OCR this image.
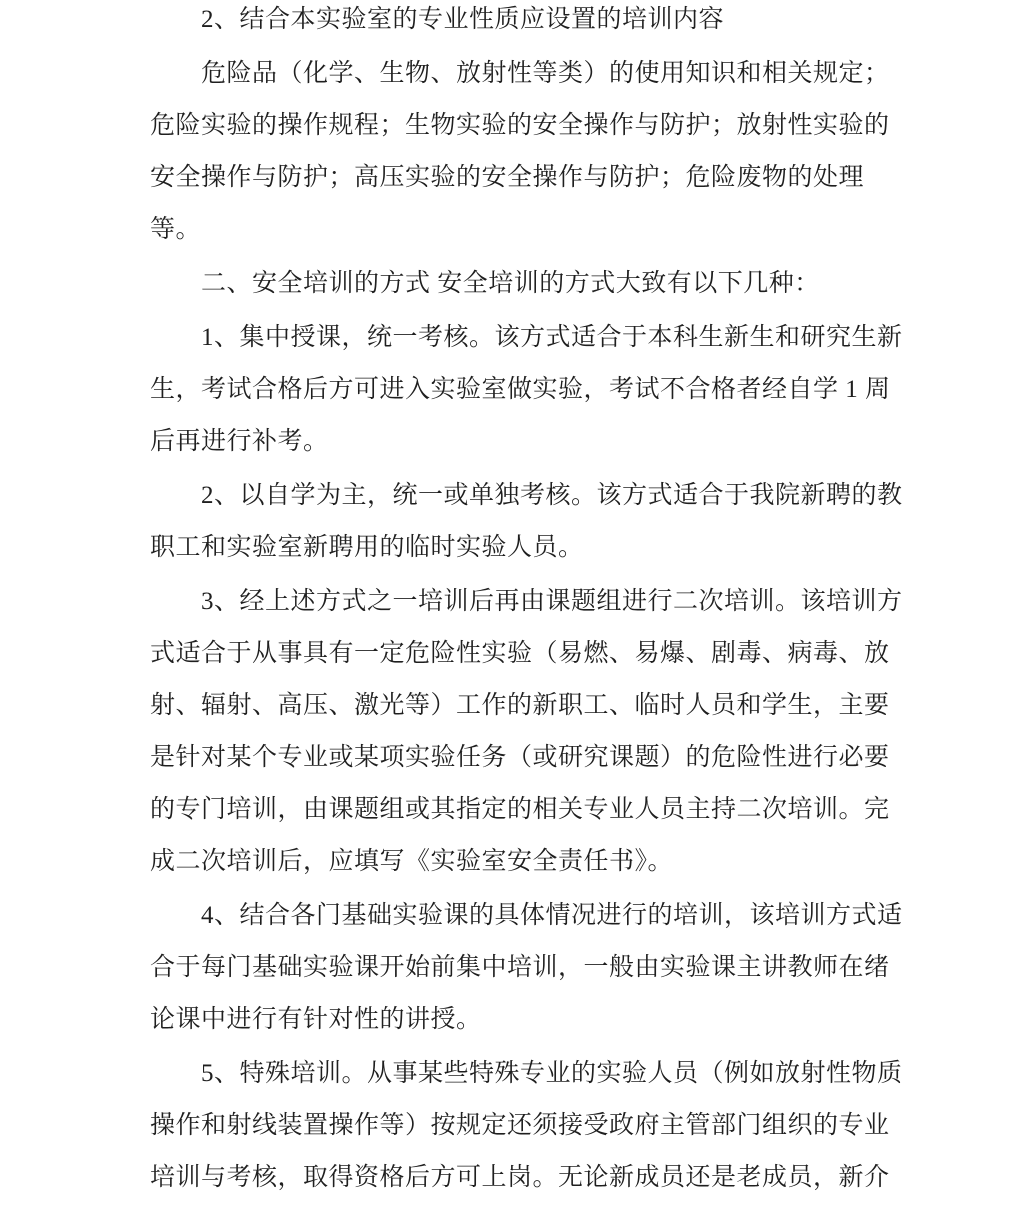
2、结合本实验室的专业性质应设置的培训内容
危险品（化学、生物、放射性等类）的使用知识和相关规定；
危险实验的操作规程；生物实验的安全操作与防护；放射性实验的
安全操作与防护；高压实验的安全操作与防护；危险废物的处理
等。
二、安全培训的方式 安全培训的方式大致有以下几种：
1、集中授课，统一考核。该方式适合于本科生新生和研究生新
生，考试合格后方可进入实验室做实验，考试不合格者经自学 1 周
后再进行补考。
2、以自学为主，统一或单独考核。该方式适合于我院新聘的教
职工和实验室新聘用的临时实验人员。
3、经上述方式之一培训后再由课题组进行二次培训。该培训方
式适合于从事具有一定危险性实验（易燃、易爆、剧毒、病毒、放
射、辐射、高压、激光等）工作的新职工、临时人员和学生，主要
是针对某个专业或某项实验任务（或研究课题）的危险性进行必要
的专门培训，由课题组或其指定的相关专业人员主持二次培训。完
成二次培训后，应填写《实验室安全责任书》。
4、结合各门基础实验课的具体情况进行的培训，该培训方式适
合于每门基础实验课开始前集中培训，一般由实验课主讲教师在绪
论课中进行有针对性的讲授。
5、特殊培训。从事某些特殊专业的实验人员（例如放射性物质
操作和射线装置操作等）按规定还须接受政府主管部门组织的专业
培训与考核，取得资格后方可上岗。无论新成员还是老成员，新介
